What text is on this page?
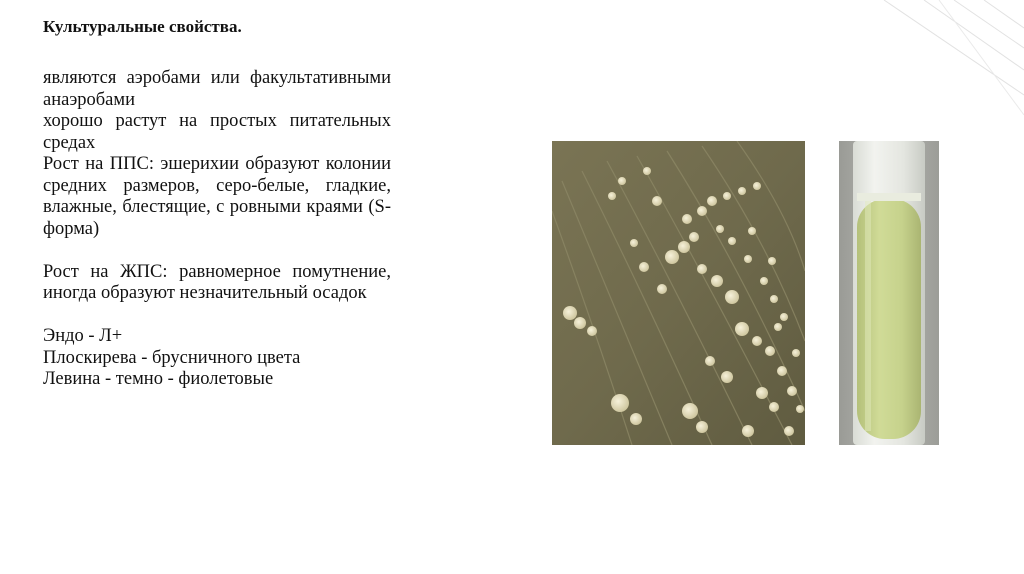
Культуральные свойства.

являются аэробами или факультативными анаэробами

хорошо растут на простых питательных средах

Рост на ППС: эшерихии образуют колонии средних размеров, серо-белые, гладкие, влажные, блестящие, с ровными краями (S-форма)

Рост на ЖПС: равномерное помутнение, иногда образуют незначительный осадок

Эндо - Л+

Плоскирева - брусничного цвета

Левина - темно - фиолетовые
